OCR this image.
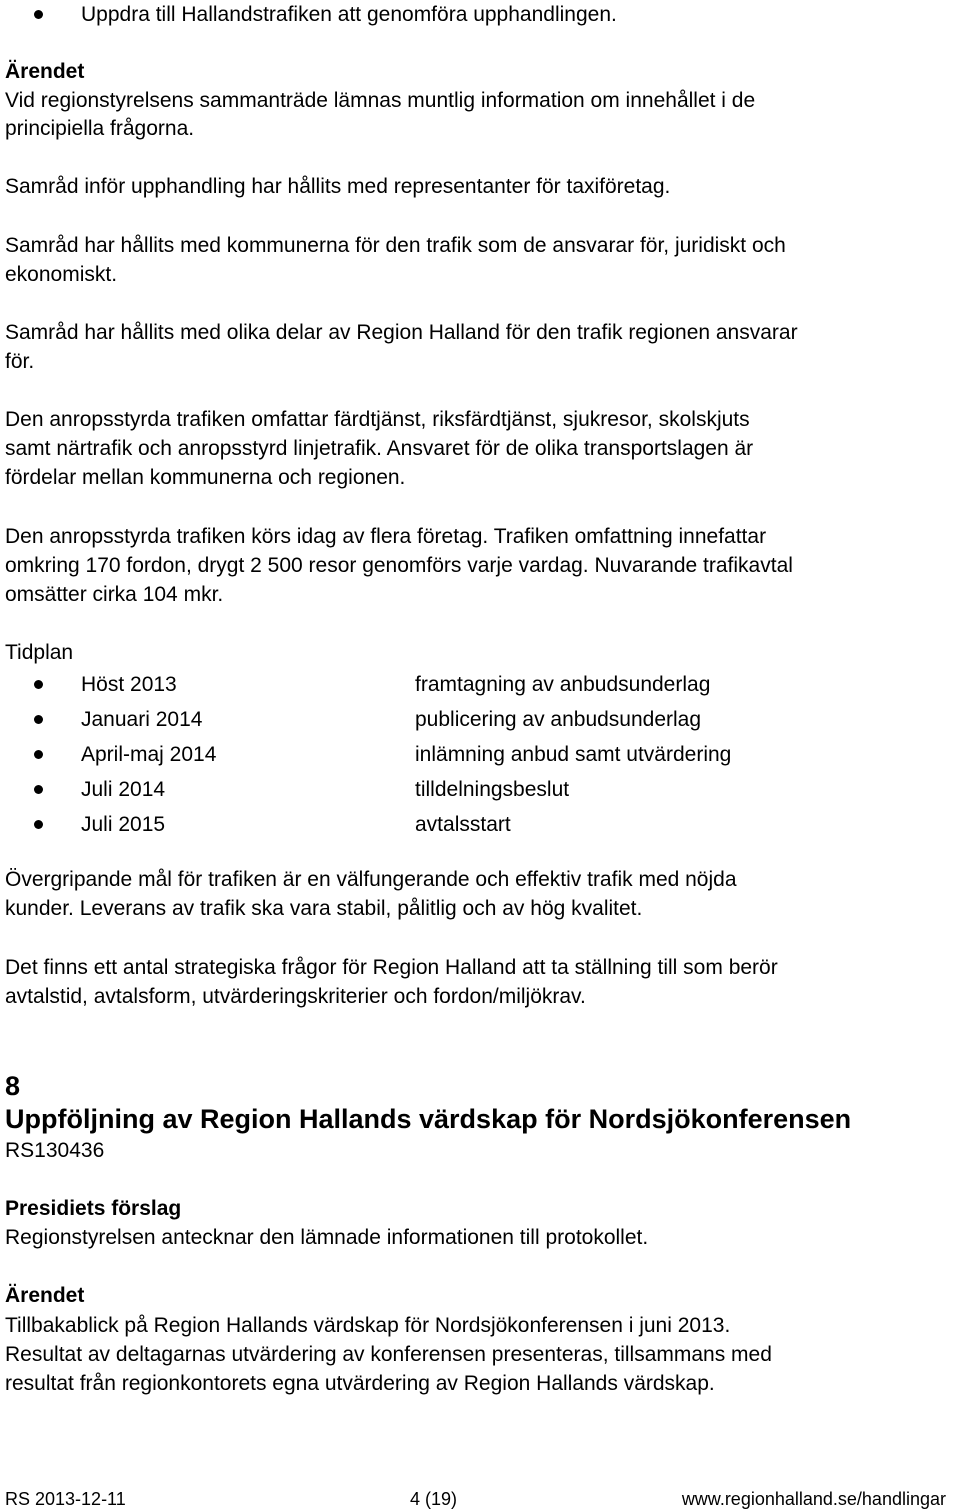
Uppdra till Hallandstrafiken att genomföra upphandlingen.

Ärendet

Vid regionstyrelsens sammanträde lämnas muntlig information om innehållet i de

principiella frågorna.

Samråd inför upphandling har hållits med representanter för taxiföretag.

Samråd har hållits med kommunerna för den trafik som de ansvarar för, juridiskt och

ekonomiskt.

Samråd har hållits med olika delar av Region Halland för den trafik regionen ansvarar

för.

Den anropsstyrda trafiken omfattar färdtjänst, riksfärdtjänst, sjukresor, skolskjuts

samt närtrafik och anropsstyrd linjetrafik. Ansvaret för de olika transportslagen är

fördelar mellan kommunerna och regionen.

Den anropsstyrda trafiken körs idag av flera företag. Trafiken omfattning innefattar

omkring 170 fordon, drygt 2 500 resor genomförs varje vardag. Nuvarande trafikavtal

omsätter cirka 104 mkr.

Tidplan

Höst 2013	framtagning av anbudsunderlag

Januari 2014	publicering av anbudsunderlag

April-maj 2014	inlämning anbud samt utvärdering

Juli 2014	tilldelningsbeslut

Juli 2015	avtalsstart

Övergripande mål för trafiken är en välfungerande och effektiv trafik med nöjda

kunder. Leverans av trafik ska vara stabil, pålitlig och av hög kvalitet.

Det finns ett antal strategiska frågor för Region Halland att ta ställning till som berör

avtalstid, avtalsform, utvärderingskriterier och fordon/miljökrav.

8

Uppföljning av Region Hallands värdskap för Nordsjökonferensen

RS130436

Presidiets förslag

Regionstyrelsen antecknar den lämnade informationen till protokollet.

Ärendet

Tillbakablick på Region Hallands värdskap för Nordsjökonferensen i juni 2013.

Resultat av deltagarnas utvärdering av konferensen presenteras, tillsammans med

resultat från regionkontorets egna utvärdering av Region Hallands värdskap.

RS 2013-12-11	4 (19)	www.regionhalland.se/handlingar
